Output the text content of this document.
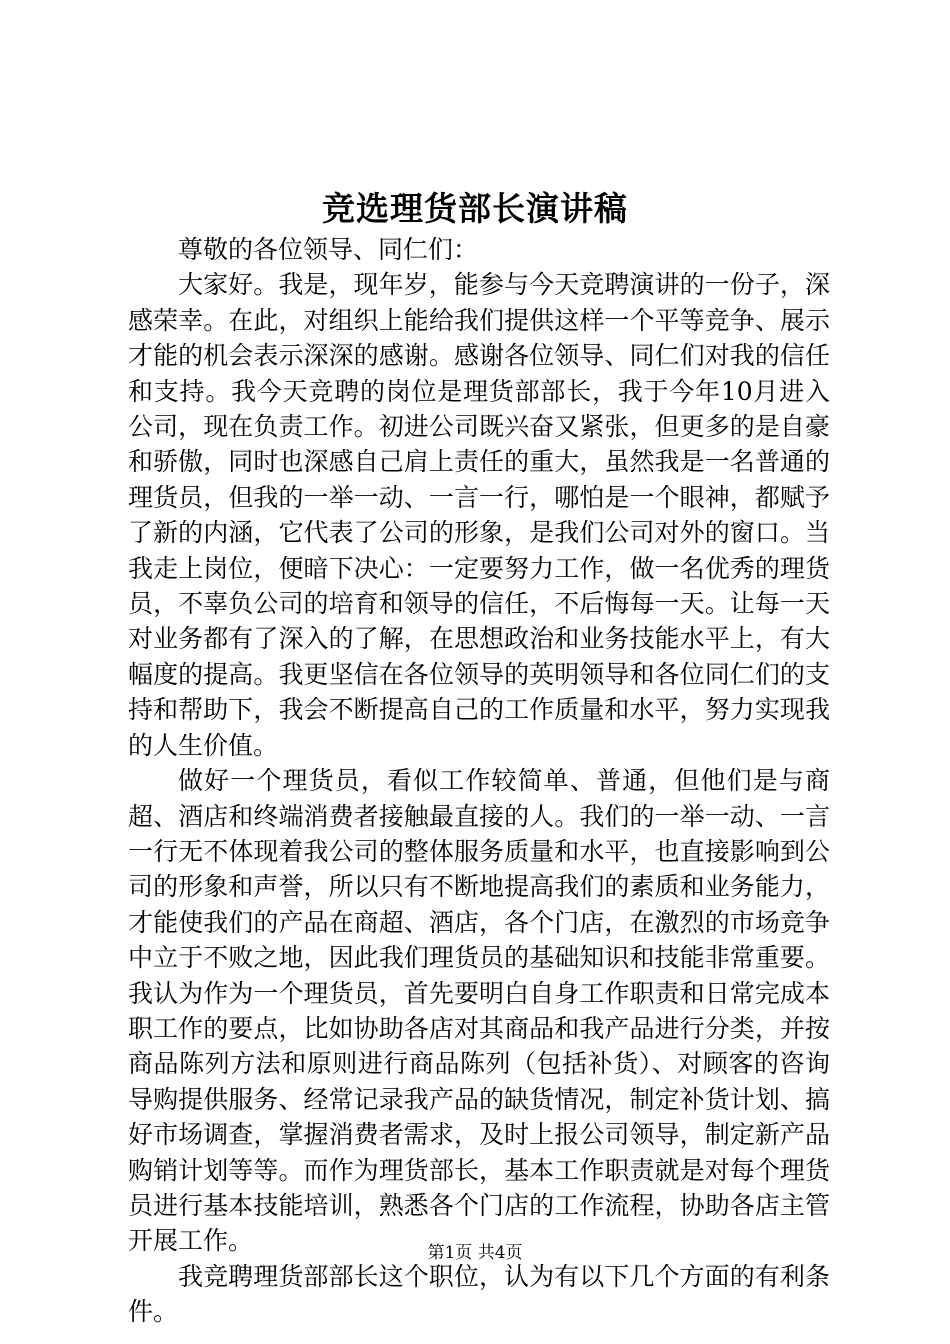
竞选理货部长演讲稿

尊敬的各位领导、同仁们：

大家好。我是，现年岁，能参与今天竞聘演讲的一份子，深感荣幸。在此，对组织上能给我们提供这样一个平等竞争、展示才能的机会表示深深的感谢。感谢各位领导、同仁们对我的信任和支持。我今天竞聘的岗位是理货部部长，我于今年10月进入公司，现在负责工作。初进公司既兴奋又紧张，但更多的是自豪和骄傲，同时也深感自己肩上责任的重大，虽然我是一名普通的理货员，但我的一举一动、一言一行，哪怕是一个眼神，都赋予了新的内涵，它代表了公司的形象，是我们公司对外的窗口。当我走上岗位，便暗下决心：一定要努力工作，做一名优秀的理货员，不辜负公司的培育和领导的信任，不后悔每一天。让每一天对业务都有了深入的了解，在思想政治和业务技能水平上，有大幅度的提高。我更坚信在各位领导的英明领导和各位同仁们的支持和帮助下，我会不断提高自己的工作质量和水平，努力实现我的人生价值。

做好一个理货员，看似工作较简单、普通，但他们是与商超、酒店和终端消费者接触最直接的人。我们的一举一动、一言一行无不体现着我公司的整体服务质量和水平，也直接影响到公司的形象和声誉，所以只有不断地提高我们的素质和业务能力，才能使我们的产品在商超、酒店，各个门店，在激烈的市场竞争中立于不败之地，因此我们理货员的基础知识和技能非常重要。我认为作为一个理货员，首先要明白自身工作职责和日常完成本职工作的要点，比如协助各店对其商品和我产品进行分类，并按商品陈列方法和原则进行商品陈列（包括补货）、对顾客的咨询导购提供服务、经常记录我产品的缺货情况，制定补货计划、搞好市场调查，掌握消费者需求，及时上报公司领导，制定新产品购销计划等等。而作为理货部长，基本工作职责就是对每个理货员进行基本技能培训，熟悉各个门店的工作流程，协助各店主管开展工作。

我竞聘理货部部长这个职位，认为有以下几个方面的有利条件。

第1页 共4页
